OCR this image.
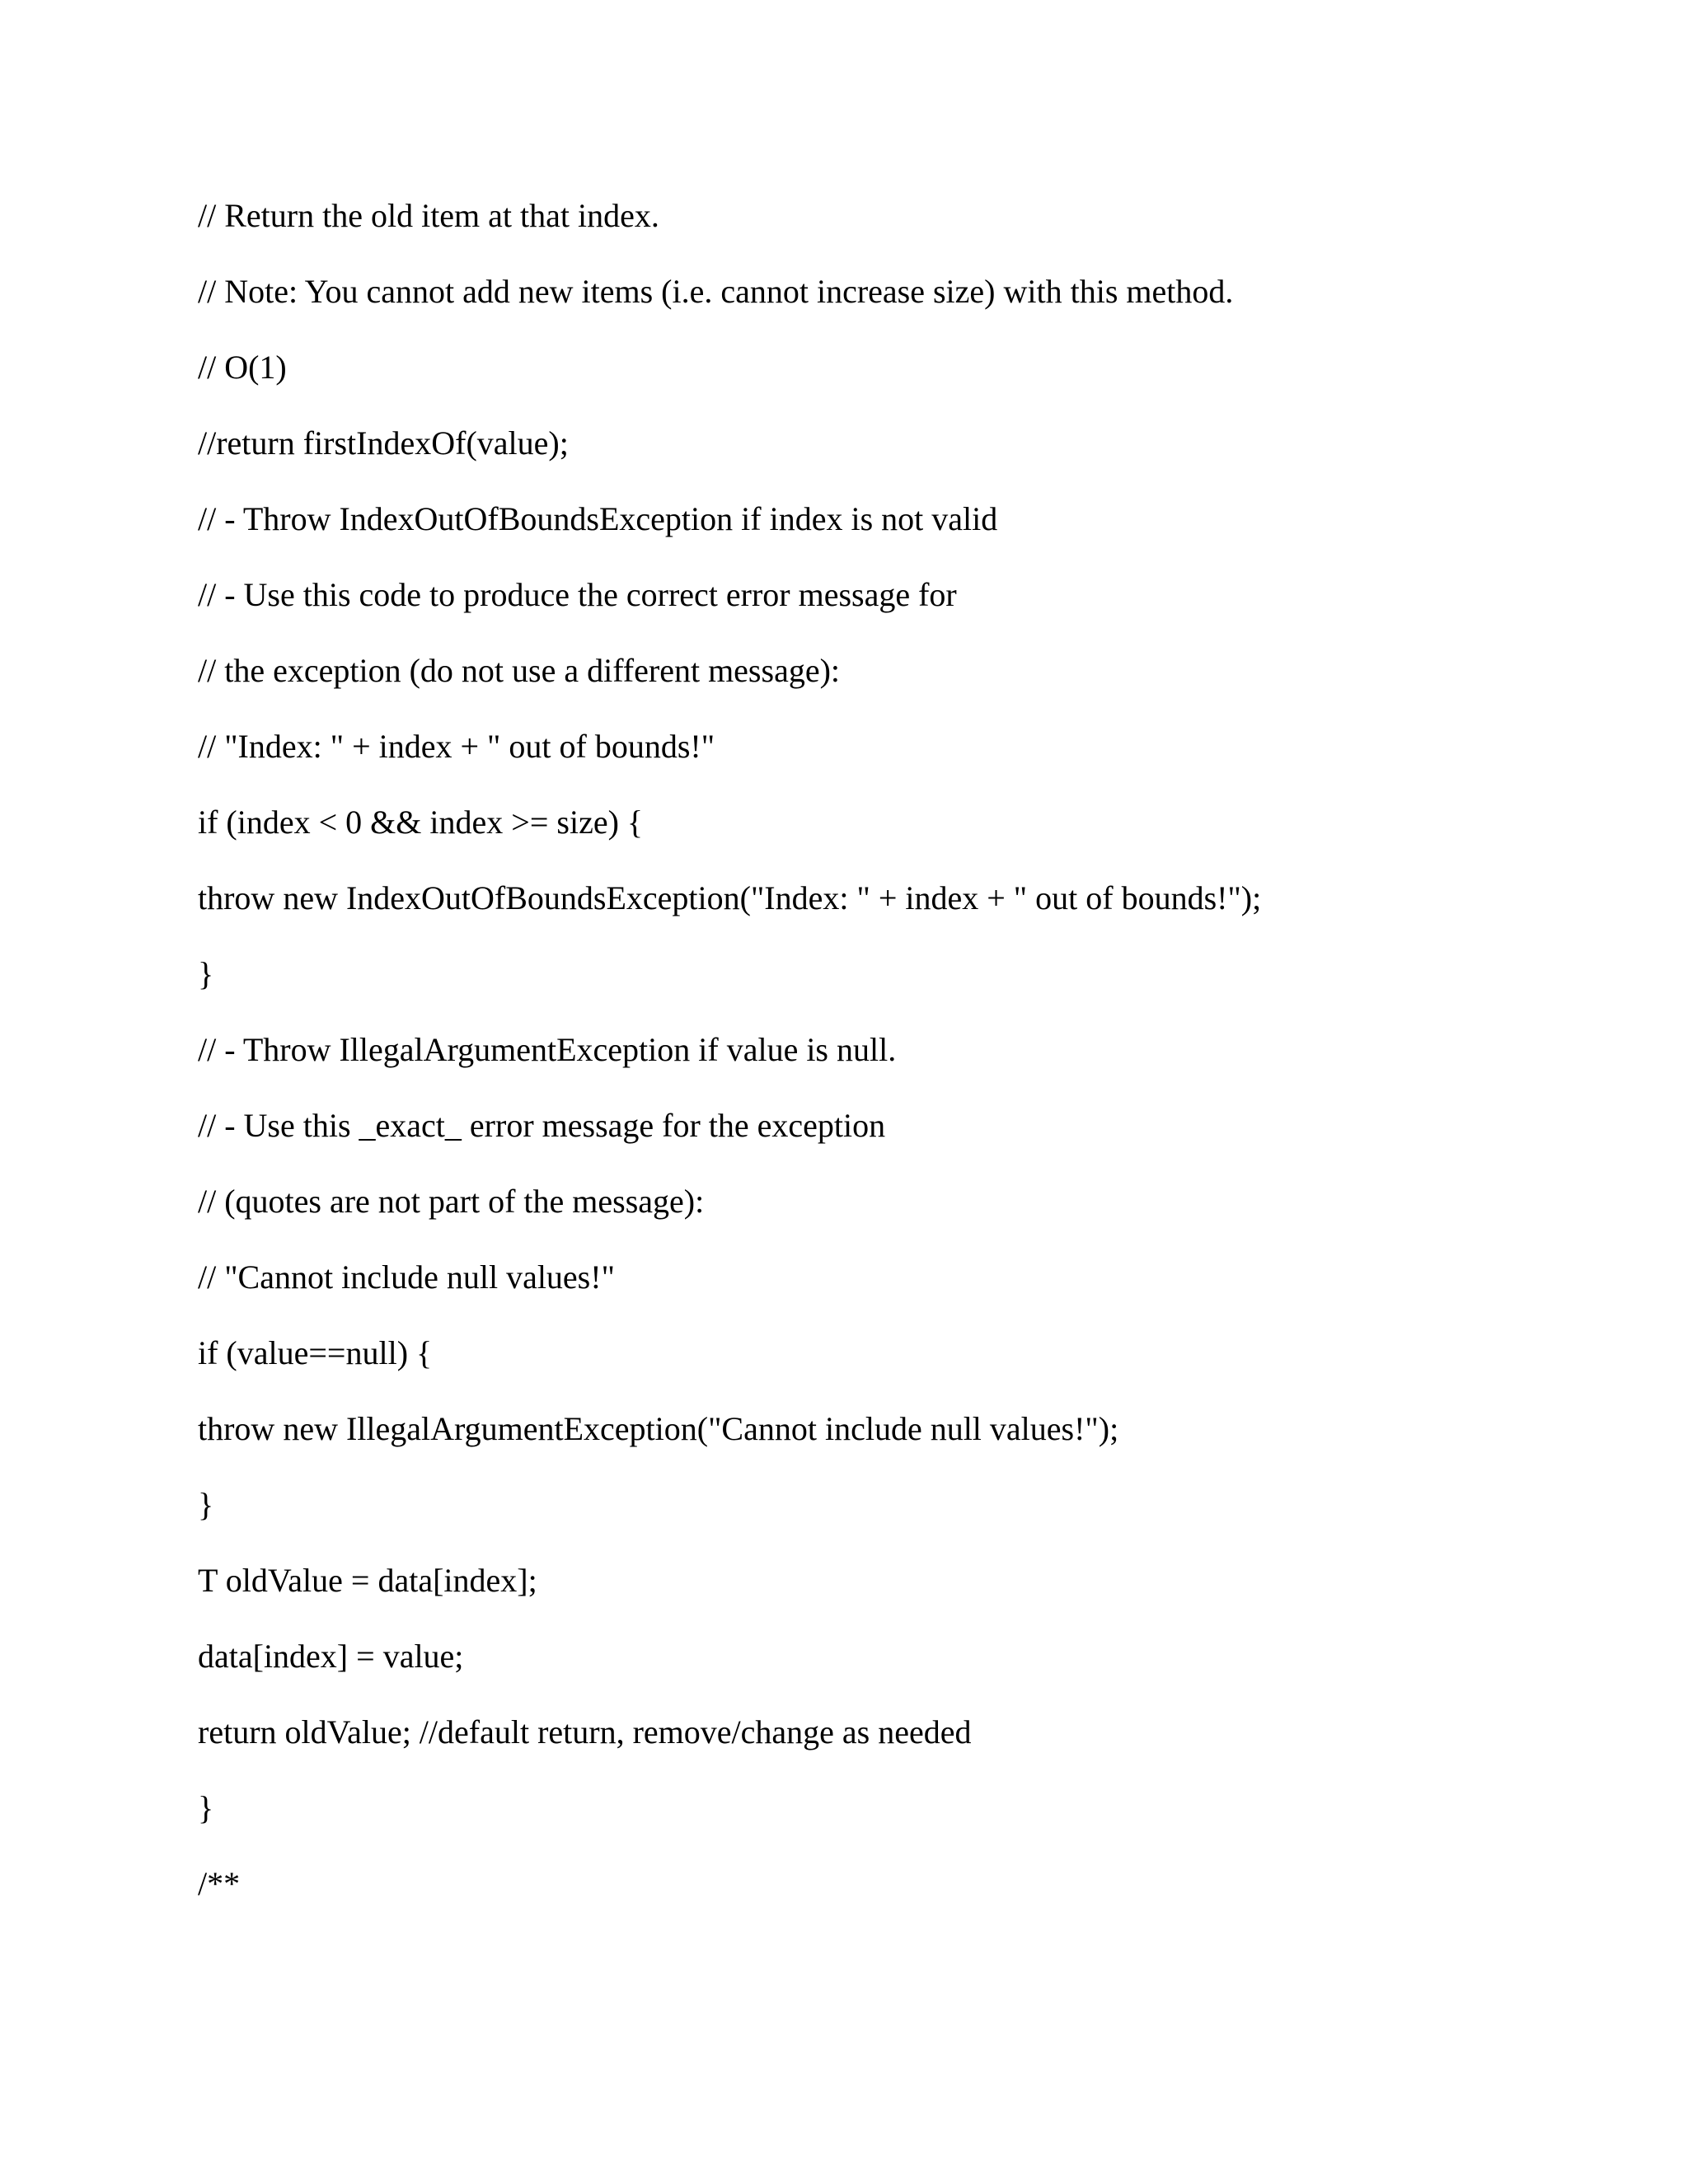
// Return the old item at that index.
// Note: You cannot add new items (i.e. cannot increase size) with this method.
// O(1)
//return firstIndexOf(value);
// - Throw IndexOutOfBoundsException if index is not valid
// - Use this code to produce the correct error message for
// the exception (do not use a different message):
// "Index: " + index + " out of bounds!"
if (index < 0 && index >= size) {
throw new IndexOutOfBoundsException("Index: " + index + " out of bounds!");
}
// - Throw IllegalArgumentException if value is null.
// - Use this _exact_ error message for the exception
// (quotes are not part of the message):
// "Cannot include null values!"
if (value==null) {
throw new IllegalArgumentException("Cannot include null values!");
}
T oldValue = data[index];
data[index] = value;
return oldValue; //default return, remove/change as needed
}
/**
